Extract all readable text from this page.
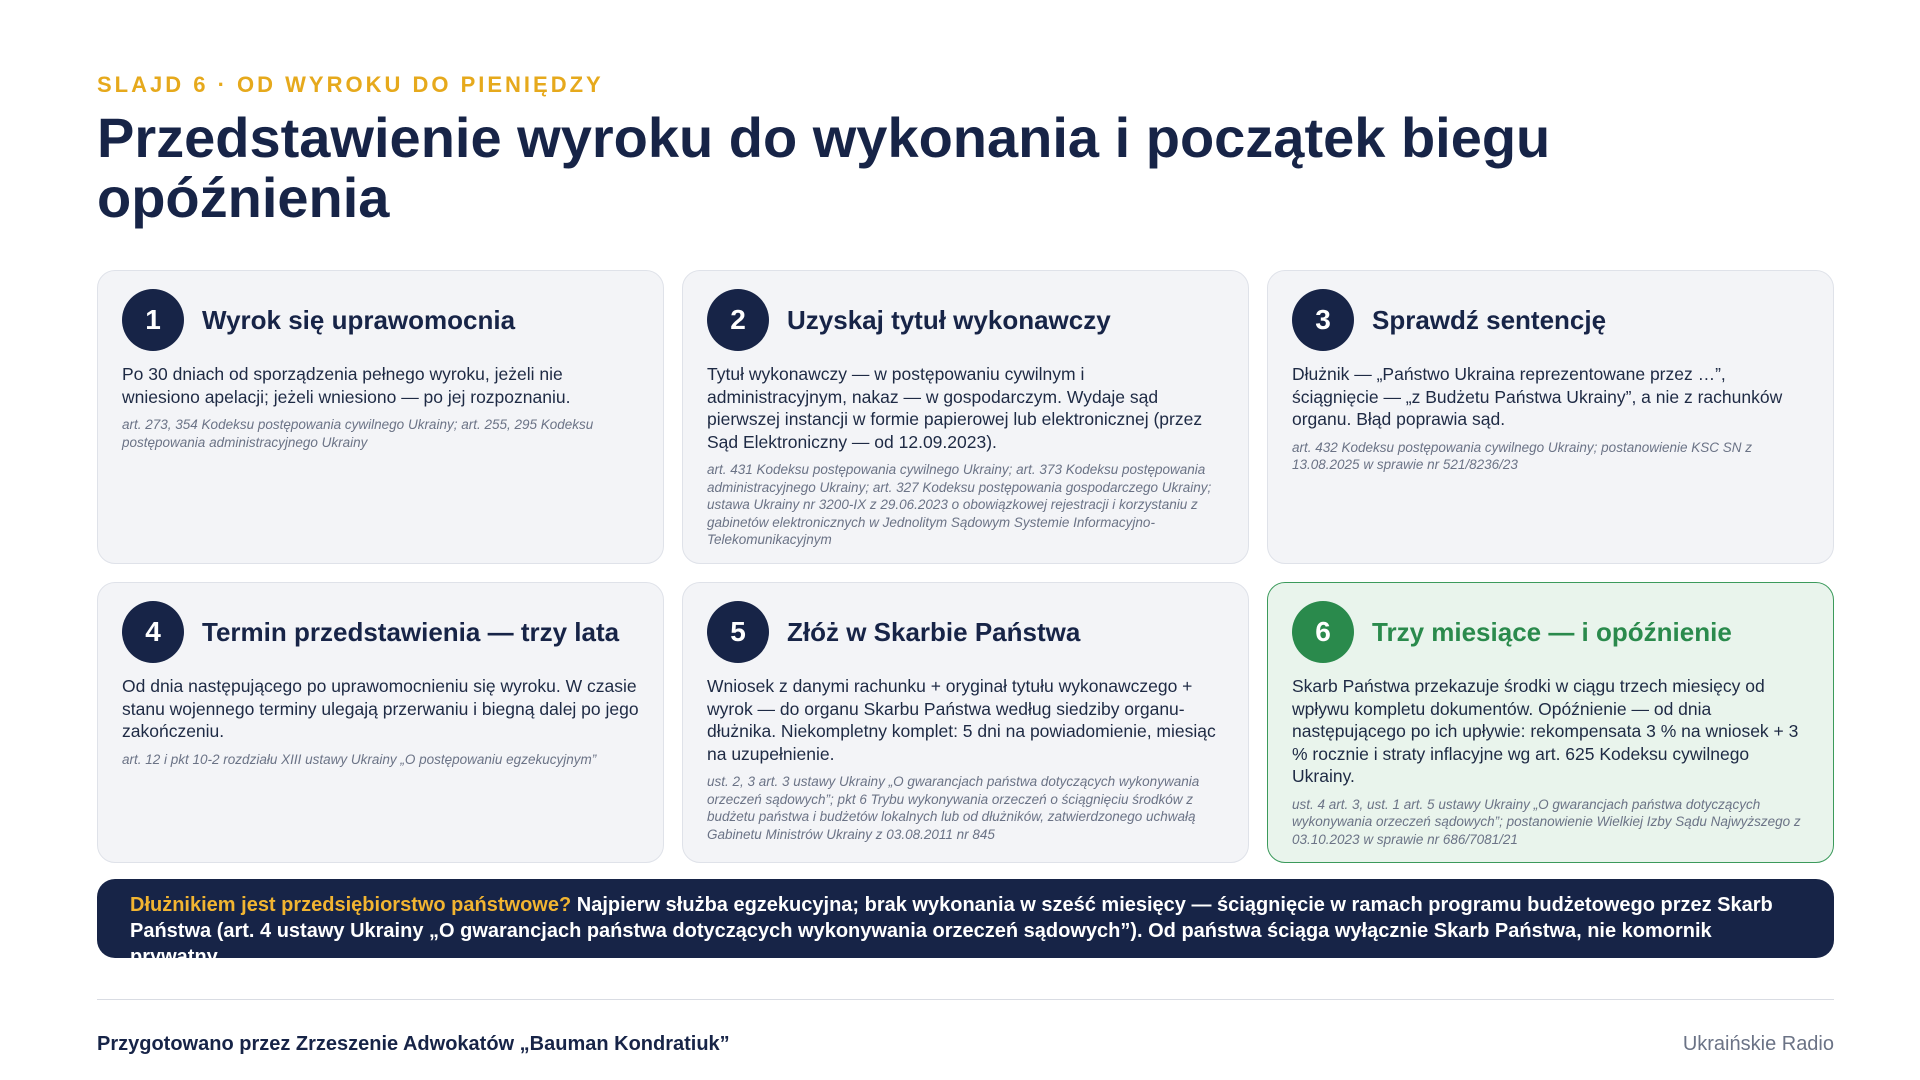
SLAJD 6 · OD WYROKU DO PIENIĘDZY
Przedstawienie wyroku do wykonania i początek biegu opóźnienia
1	Wyrok się uprawomocnia

Po 30 dniach od sporządzenia pełnego wyroku, jeżeli nie wniesiono apelacji; jeżeli wniesiono — po jej rozpoznaniu.

art. 273, 354 Kodeksu postępowania cywilnego Ukrainy; art. 255, 295 Kodeksu postępowania administracyjnego Ukrainy

2	Uzyskaj tytuł wykonawczy

Tytuł wykonawczy — w postępowaniu cywilnym i administracyjnym, nakaz — w gospodarczym. Wydaje sąd pierwszej instancji w formie papierowej lub elektronicznej (przez Sąd Elektroniczny — od 12.09.2023).

art. 431 Kodeksu postępowania cywilnego Ukrainy; art. 373 Kodeksu postępowania administracyjnego Ukrainy; art. 327 Kodeksu postępowania gospodarczego Ukrainy; ustawa Ukrainy nr 3200-IX z 29.06.2023 o obowiązkowej rejestracji i korzystaniu z gabinetów elektronicznych w Jednolitym Sądowym Systemie Informacyjno-Telekomunikacyjnym

3	Sprawdź sentencję

Dłużnik — „Państwo Ukraina reprezentowane przez …”, ściągnięcie — „z Budżetu Państwa Ukrainy”, a nie z rachunków organu. Błąd poprawia sąd.

art. 432 Kodeksu postępowania cywilnego Ukrainy; postanowienie KSC SN z 13.08.2025 w sprawie nr 521/8236/23

4	Termin przedstawienia — trzy lata

Od dnia następującego po uprawomocnieniu się wyroku. W czasie stanu wojennego terminy ulegają przerwaniu i biegną dalej po jego zakończeniu.

art. 12 i pkt 10-2 rozdziału XIII ustawy Ukrainy „O postępowaniu egzekucyjnym”

5	Złóż w Skarbie Państwa

Wniosek z danymi rachunku + oryginał tytułu wykonawczego + wyrok — do organu Skarbu Państwa według siedziby organu-dłużnika. Niekompletny komplet: 5 dni na powiadomienie, miesiąc na uzupełnienie.

ust. 2, 3 art. 3 ustawy Ukrainy „O gwarancjach państwa dotyczących wykonywania orzeczeń sądowych”; pkt 6 Trybu wykonywania orzeczeń o ściągnięciu środków z budżetu państwa i budżetów lokalnych lub od dłużników, zatwierdzonego uchwałą Gabinetu Ministrów Ukrainy z 03.08.2011 nr 845

6	Trzy miesiące — i opóźnienie

Skarb Państwa przekazuje środki w ciągu trzech miesięcy od wpływu kompletu dokumentów. Opóźnienie — od dnia następującego po ich upływie: rekompensata 3 % na wniosek + 3 % rocznie i straty inflacyjne wg art. 625 Kodeksu cywilnego Ukrainy.

ust. 4 art. 3, ust. 1 art. 5 ustawy Ukrainy „O gwarancjach państwa dotyczących wykonywania orzeczeń sądowych”; postanowienie Wielkiej Izby Sądu Najwyższego z 03.10.2023 w sprawie nr 686/7081/21

Dłużnikiem jest przedsiębiorstwo państwowe? Najpierw służba egzekucyjna; brak wykonania w sześć miesięcy — ściągnięcie w ramach programu budżetowego przez Skarb Państwa (art. 4 ustawy Ukrainy „O gwarancjach państwa dotyczących wykonywania orzeczeń sądowych”). Od państwa ściąga wyłącznie Skarb Państwa, nie komornik prywatny.
Przygotowano przez Zrzeszenie Adwokatów „Bauman Kondratiuk”	Ukraińskie Radio
